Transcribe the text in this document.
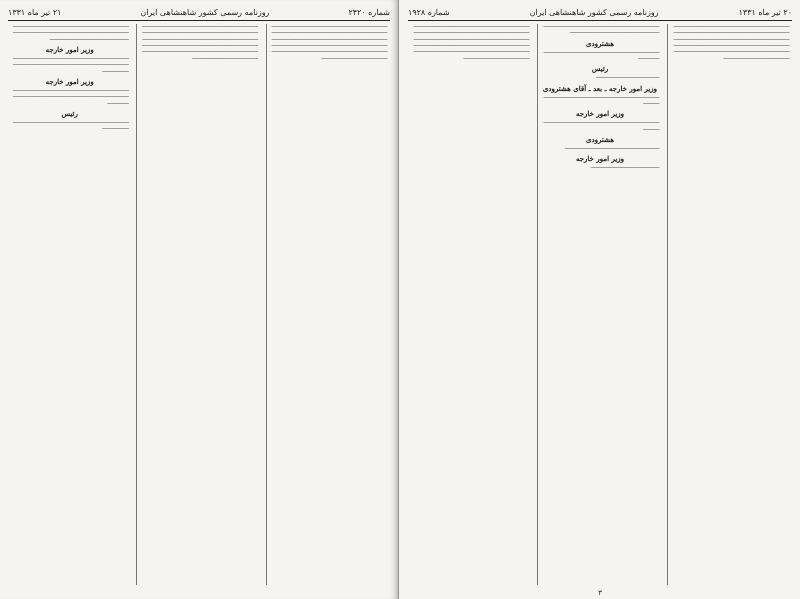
شماره ۲۴۲۰
روزنامه رسمی کشور شاهنشاهی ایران
۲۱ تیر ماه ۱۳۳۱
─────────────────────────────────────────────────────────────────────────────────────────────────────────────────────────────────────────────────────────────────────────────────────────────────────────────────────────────────────────────────────
─────────────────────────────────────────────────────────────────────────────────────────────────────────────────────────────────────────────────────────────────────────────────────────────────────────────────────────────────────────────────────
──────────────────────────────────────────────────────────────────────────────────────────────────────────────────────
وزیر امور خارجه
──────────────────────────────────────────────────────────────────────────────────────────────────
وزیر امور خارجه
────────────────────────────────────────────────────────────────────────────────────────────────
رئیس
──────────────────────────────────────────────────────
۲۰ تیر ماه ۱۳۳۱
روزنامه رسمی کشور شاهنشاهی ایران
شماره ۱۹۲۸
─────────────────────────────────────────────────────────────────────────────────────────────────────────────────────────────────────────────────────────────────────────────────────────────────────────────────────────────────────────────────────
──────────────────────────────────────────────────────────────────────────────
هشترودی
────────────────────────────────────────────────────
رئیس
────────────────────────
وزیر امور خارجه ـ بعد ـ آقای هشترودی
──────────────────────────────────────────────────
وزیر امور خارجه
──────────────────────────────────────────────────
هشترودی
────────────────────────────────────
وزیر امور خارجه
──────────────────────────
─────────────────────────────────────────────────────────────────────────────────────────────────────────────────────────────────────────────────────────────────────────────────────────────────────────────────────────────────────────────────────
۳
